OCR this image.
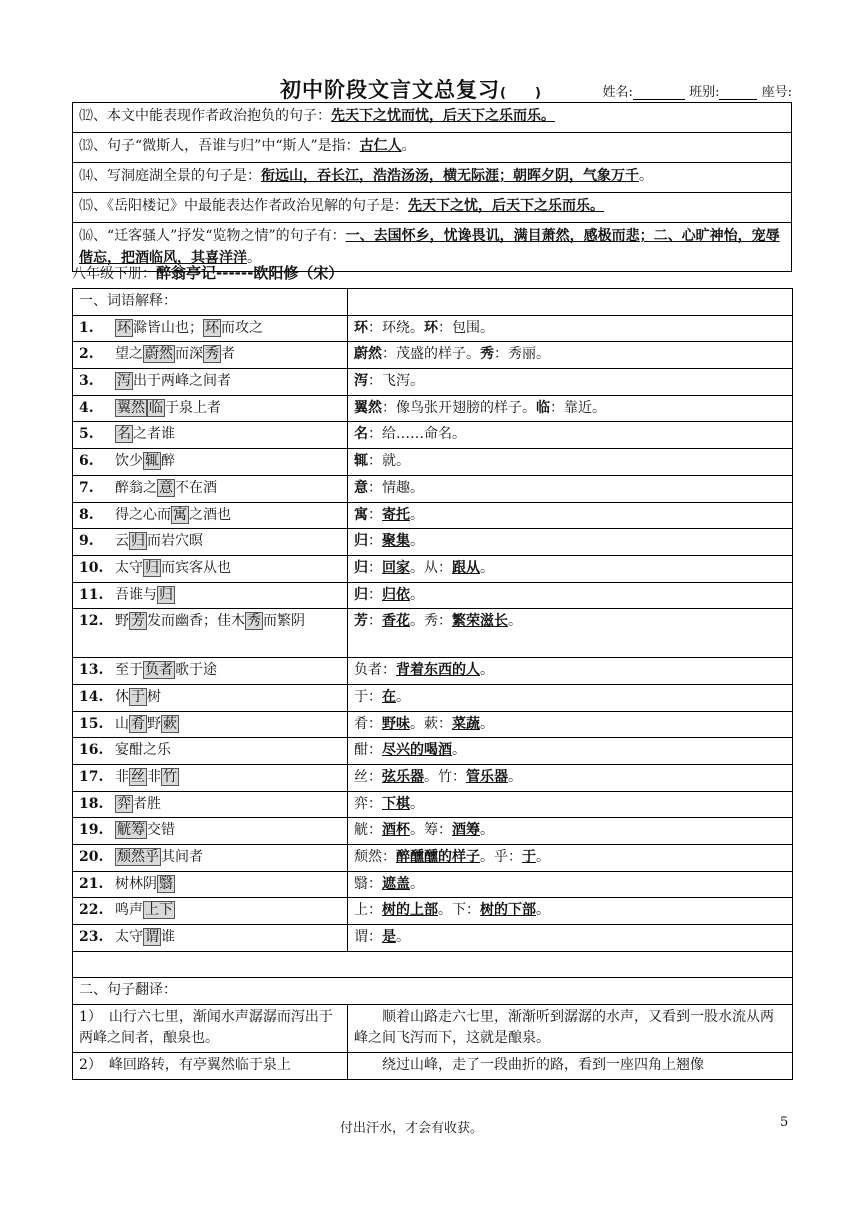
初中阶段文言文总复习(　　 )	姓名:	班别:	座号:
⑿、本文中能表现作者政治抱负的句子：先天下之忧而忧，后天下之乐而乐。
⒀、句子“微斯人，吾谁与归”中“斯人”是指：古仁人。
⒁、写洞庭湖全景的句子是：衔远山，吞长江，浩浩汤汤，横无际涯；朝晖夕阴，气象万千。
⒂、《岳阳楼记》中最能表达作者政治见解的句子是：先天下之忧，后天下之乐而乐。
⒃、“迁客骚人”抒发“览物之情”的句子有：一、去国怀乡，忧谗畏讥，满目萧然，感极而悲；二、心旷神怡，宠辱偕忘，把酒临风，其喜洋洋。
八年级下册：醉翁亭记------欧阳修（宋）
一、词语解释：	
1. 环 滁皆山也； 环 而攻之	环：环绕。环：包围。
2. 望之 蔚然 而深 秀 者	蔚然：茂盛的样子。秀：秀丽。
3. 泻 出于两峰之间者	泻：飞泻。
4. 翼然 临 于泉上者	翼然：像鸟张开翅膀的样子。临：靠近。
5. 名 之者谁	名：给……命名。
6. 饮少 辄 醉	辄：就。
7. 醉翁之 意 不在酒	意：情趣。
8. 得之心而 寓 之酒也	寓：寄托。
9. 云 归 而岩穴暝	归：聚集。
10. 太守 归 而宾客从也	归：回家。从：跟从。
11. 吾谁与 归	归：归依。
12. 野 芳 发而幽香；佳木 秀 而繁阴	芳：香花。秀：繁荣滋长。
13. 至于 负者 歌于途	负者：背着东西的人。
14. 休 于 树	于：在。
15. 山 肴 野 蔌	肴：野味。蔌：菜蔬。
16. 宴酣之乐	酣：尽兴的喝酒。
17. 非 丝 非 竹	丝：弦乐器。竹：管乐器。
18. 弈 者胜	弈：下棋。
19. 觥筹 交错	觥：酒杯。筹：酒筹。
20. 颓然乎 其间者	颓然：醉醺醺的样子。乎：于。
21. 树林阴 翳	翳：遮盖。
22. 鸣声 上下	上：树的上部。下：树的下部。
23. 太守 谓 谁	谓：是。

二、句子翻译：	
1）　山行六七里，渐闻水声潺潺而泻出于两峰之间者，酿泉也。	顺着山路走六七里，渐渐听到潺潺的水声，又看到一股水流从两峰之间飞泻而下，这就是酿泉。
2）　峰回路转，有亭翼然临于泉上	绕过山峰，走了一段曲折的路，看到一座四角上翘像
付出汗水，才会有收获。	5
